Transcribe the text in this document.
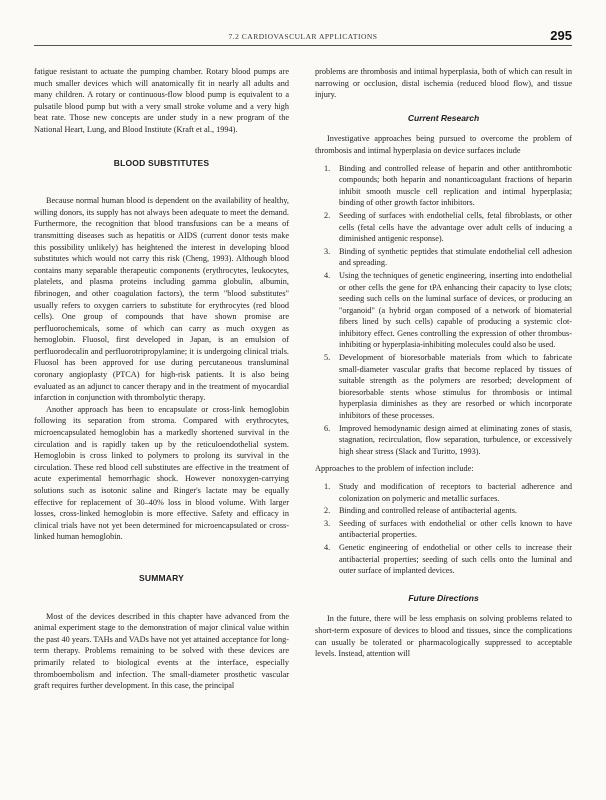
7.2 CARDIOVASCULAR APPLICATIONS	295

fatigue resistant to actuate the pumping chamber. Rotary blood pumps are much smaller devices which will anatomically fit in nearly all adults and many children. A rotary or continuous-flow blood pump is equivalent to a pulsatile blood pump but with a very small stroke volume and a very high beat rate. Those new concepts are under study in a new program of the National Heart, Lung, and Blood Institute (Kraft et al., 1994).

BLOOD SUBSTITUTES

Because normal human blood is dependent on the availability of healthy, willing donors, its supply has not always been adequate to meet the demand. Furthermore, the recognition that blood transfusions can be a means of transmitting diseases such as hepatitis or AIDS (current donor tests make this possibility unlikely) has heightened the interest in developing blood substitutes which would not carry this risk (Cheng, 1993). Although blood contains many separable therapeutic components (erythrocytes, leukocytes, platelets, and plasma proteins including gamma globulin, albumin, fibrinogen, and other coagulation factors), the term "blood substitutes" usually refers to oxygen carriers to substitute for erythrocytes (red blood cells). One group of compounds that have shown promise are perfluorochemicals, some of which can carry as much oxygen as hemoglobin. Fluosol, first developed in Japan, is an emulsion of perfluorodecalin and perfluorotripropylamine; it is undergoing clinical trials. Fluosol has been approved for use during percutaneous transluminal coronary angioplasty (PTCA) for high-risk patients. It is also being evaluated as an adjunct to cancer therapy and in the treatment of myocardial infarction in conjunction with thrombolytic therapy.

Another approach has been to encapsulate or cross-link hemoglobin following its separation from stroma. Compared with erythrocytes, microencapsulated hemoglobin has a markedly shortened survival in the circulation and is rapidly taken up by the reticuloendothelial system. Hemoglobin is cross linked to polymers to prolong its survival in the circulation. These red blood cell substitutes are effective in the treatment of acute experimental hemorrhagic shock. However nonoxygen-carrying solutions such as isotonic saline and Ringer's lactate may be equally effective for replacement of 30–40% loss in blood volume. With larger losses, cross-linked hemoglobin is more effective. Safety and efficacy in clinical trials have not yet been determined for microencapsulated or cross-linked human hemoglobin.

SUMMARY

Most of the devices described in this chapter have advanced from the animal experiment stage to the demonstration of major clinical value within the past 40 years. TAHs and VADs have not yet attained acceptance for long-term therapy. Problems remaining to be solved with these devices are primarily related to biological events at the interface, especially thromboembolism and infection. The small-diameter prosthetic vascular graft requires further development. In this case, the principal

problems are thrombosis and intimal hyperplasia, both of which can result in narrowing or occlusion, distal ischemia (reduced blood flow), and tissue injury.

Current Research

Investigative approaches being pursued to overcome the problem of thrombosis and intimal hyperplasia on device surfaces include

1. Binding and controlled release of heparin and other antithrombotic compounds; both heparin and nonanticoagulant fractions of heparin inhibit smooth muscle cell replication and intimal hyperplasia; binding of other growth factor inhibitors.
2. Seeding of surfaces with endothelial cells, fetal fibroblasts, or other cells (fetal cells have the advantage over adult cells of inducing a diminished antigenic response).
3. Binding of synthetic peptides that stimulate endothelial cell adhesion and spreading.
4. Using the techniques of genetic engineering, inserting into endothelial or other cells the gene for tPA enhancing their capacity to lyse clots; seeding such cells on the luminal surface of devices, or producing an "organoid" (a hybrid organ composed of a network of biomaterial fibers lined by such cells) capable of producing a systemic clot-inhibitory effect. Genes controlling the expression of other thrombus-inhibiting or hyperplasia-inhibiting molecules could also be used.
5. Development of bioresorbable materials from which to fabricate small-diameter vascular grafts that become replaced by tissues of suitable strength as the polymers are resorbed; development of bioresorbable stents whose stimulus for thrombosis or intimal hyperplasia diminishes as they are resorbed or which incorporate inhibitors of these processes.
6. Improved hemodynamic design aimed at eliminating zones of stasis, stagnation, recirculation, flow separation, turbulence, or excessively high shear stress (Slack and Turitto, 1993).

Approaches to the problem of infection include:

1. Study and modification of receptors to bacterial adherence and colonization on polymeric and metallic surfaces.
2. Binding and controlled release of antibacterial agents.
3. Seeding of surfaces with endothelial or other cells known to have antibacterial properties.
4. Genetic engineering of endothelial or other cells to increase their antibacterial properties; seeding of such cells onto the luminal and outer surface of implanted devices.
Future Directions

In the future, there will be less emphasis on solving problems related to short-term exposure of devices to blood and tissues, since the complications can usually be tolerated or pharmacologically suppressed to acceptable levels. Instead, attention will
